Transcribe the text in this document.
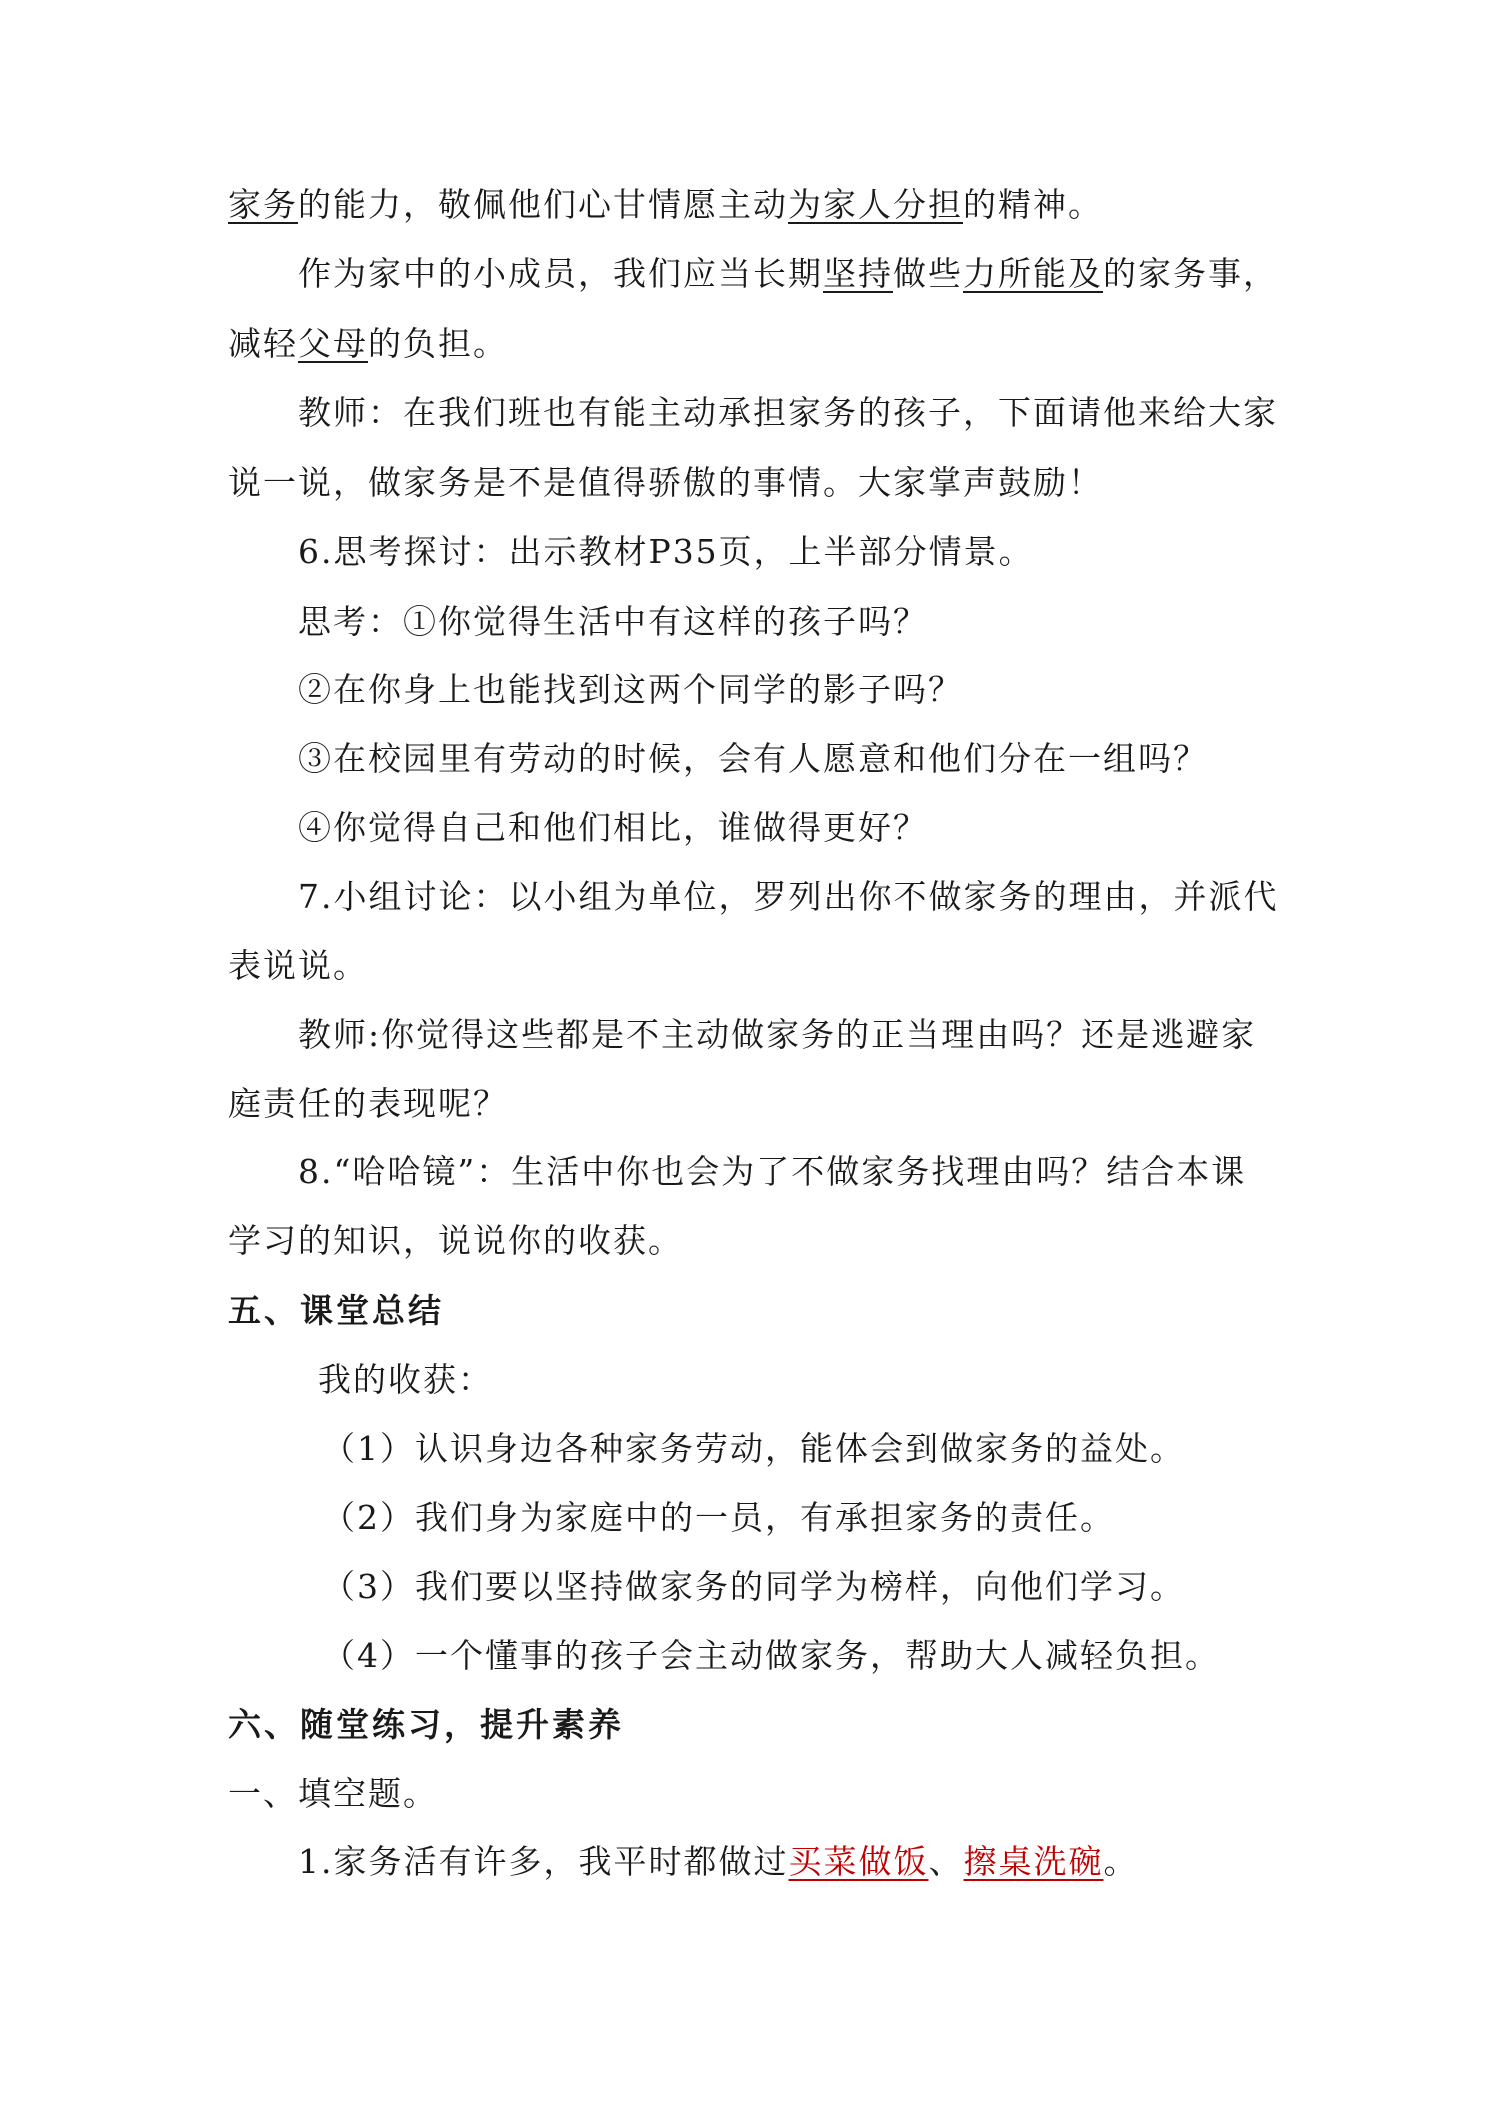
家务的能力，敬佩他们心甘情愿主动为家人分担的精神。
作为家中的小成员，我们应当长期坚持做些力所能及的家务事，
减轻父母的负担。
教师：在我们班也有能主动承担家务的孩子，下面请他来给大家
说一说，做家务是不是值得骄傲的事情。大家掌声鼓励！
6.思考探讨：出示教材P35页，上半部分情景。
思考：①你觉得生活中有这样的孩子吗？
②在你身上也能找到这两个同学的影子吗？
③在校园里有劳动的时候，会有人愿意和他们分在一组吗？
④你觉得自己和他们相比，谁做得更好？
7.小组讨论：以小组为单位，罗列出你不做家务的理由，并派代
表说说。
教师:你觉得这些都是不主动做家务的正当理由吗？还是逃避家
庭责任的表现呢？
8.“哈哈镜”：生活中你也会为了不做家务找理由吗？结合本课
学习的知识，说说你的收获。
五、课堂总结
我的收获：
（1）认识身边各种家务劳动，能体会到做家务的益处。
（2）我们身为家庭中的一员，有承担家务的责任。
（3）我们要以坚持做家务的同学为榜样，向他们学习。
（4）一个懂事的孩子会主动做家务，帮助大人减轻负担。
六、随堂练习，提升素养
一、填空题。
1.家务活有许多，我平时都做过买菜做饭、擦桌洗碗。
